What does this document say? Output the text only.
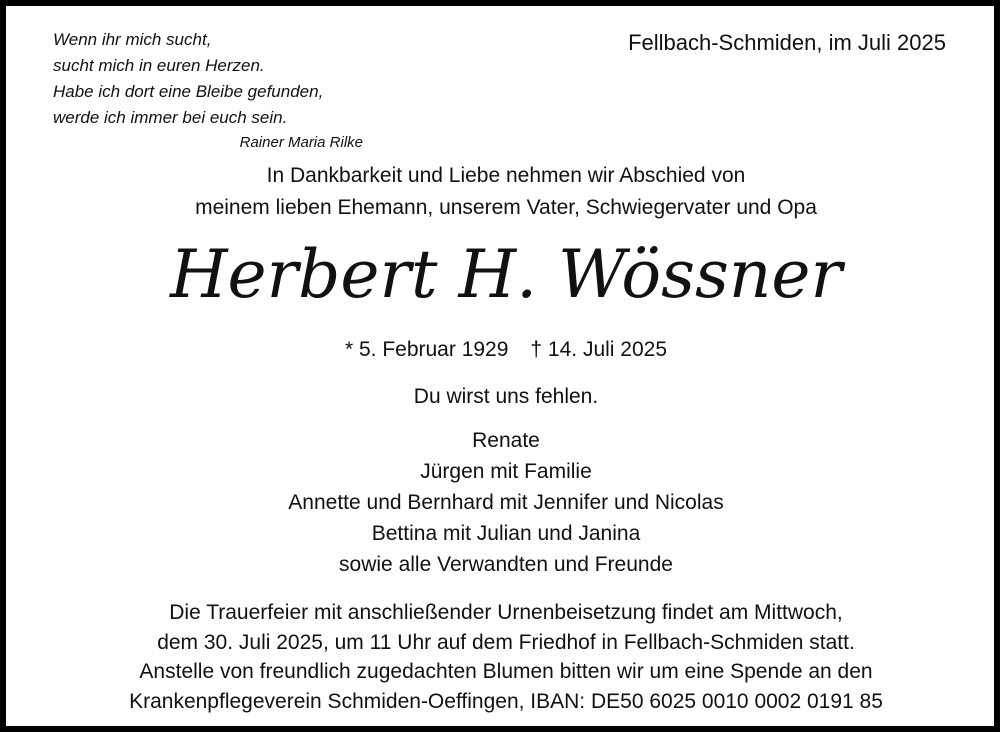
Wenn ihr mich sucht,
sucht mich in euren Herzen.
Habe ich dort eine Bleibe gefunden,
werde ich immer bei euch sein.
Rainer Maria Rilke
Fellbach-Schmiden, im Juli 2025
In Dankbarkeit und Liebe nehmen wir Abschied von
meinem lieben Ehemann, unserem Vater, Schwiegervater und Opa
Herbert H. Wössner
* 5. Februar 1929 † 14. Juli 2025
Du wirst uns fehlen.
Renate
Jürgen mit Familie
Annette und Bernhard mit Jennifer und Nicolas
Bettina mit Julian und Janina
sowie alle Verwandten und Freunde
Die Trauerfeier mit anschließender Urnenbeisetzung findet am Mittwoch,
dem 30. Juli 2025, um 11 Uhr auf dem Friedhof in Fellbach-Schmiden statt.
Anstelle von freundlich zugedachten Blumen bitten wir um eine Spende an den
Krankenpflegeverein Schmiden-Oeffingen, IBAN: DE50 6025 0010 0002 0191 85
